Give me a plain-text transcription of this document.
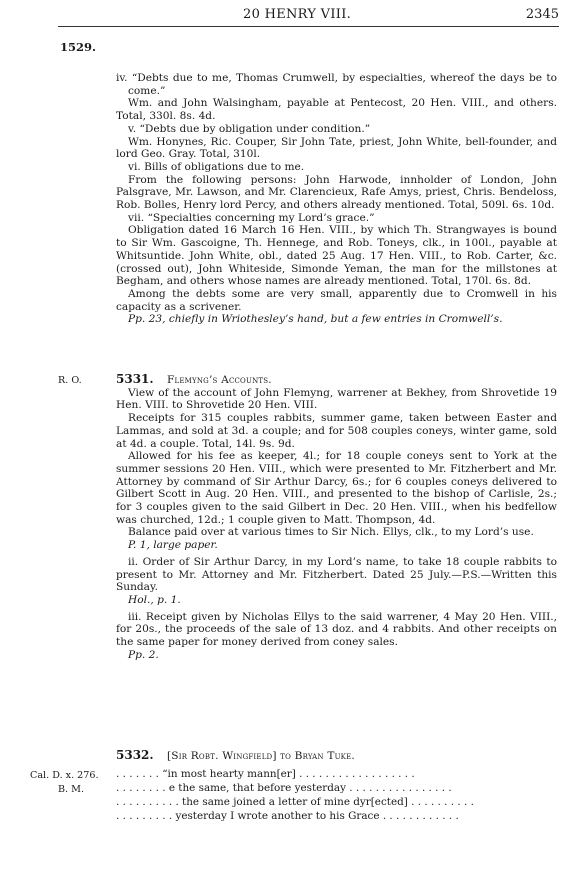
20 HENRY VIII.	2345
1529.
iv. “Debts due to me, Thomas Crumwell, by especialties, whereof the days be to come.”
Wm. and John Walsingham, payable at Pentecost, 20 Hen. VIII., and others. Total, 330l. 8s. 4d.
v. “Debts due by obligation under condition.”
Wm. Honynes, Ric. Couper, Sir John Tate, priest, John White, bell-founder, and lord Geo. Gray. Total, 310l.
vi. Bills of obligations due to me.
From the following persons: John Harwode, innholder of London, John Palsgrave, Mr. Lawson, and Mr. Clarencieux, Rafe Amys, priest, Chris. Bendeloss, Rob. Bolles, Henry lord Percy, and others already mentioned. Total, 509l. 6s. 10d.
vii. “Specialties concerning my Lord’s grace.”
Obligation dated 16 March 16 Hen. VIII., by which Th. Strangwayes is bound to Sir Wm. Gascoigne, Th. Hennege, and Rob. Toneys, clk., in 100l., payable at Whitsuntide. John White, obl., dated 25 Aug. 17 Hen. VIII., to Rob. Carter, &c. (crossed out), John Whiteside, Simonde Yeman, the man for the millstones at Begham, and others whose names are already mentioned. Total, 170l. 6s. 8d.
Among the debts some are very small, apparently due to Cromwell in his capacity as a scrivener.
Pp. 23, chiefly in Wriothesley’s hand, but a few entries in Cromwell’s.
R. O.	5331. Flemyng’s Accounts.
View of the account of John Flemyng, warrener at Bekhey, from Shrovetide 19 Hen. VIII. to Shrovetide 20 Hen. VIII.
Receipts for 315 couples rabbits, summer game, taken between Easter and Lammas, and sold at 3d. a couple; and for 508 couples coneys, winter game, sold at 4d. a couple. Total, 14l. 9s. 9d.
Allowed for his fee as keeper, 4l.; for 18 couple coneys sent to York at the summer sessions 20 Hen. VIII., which were presented to Mr. Fitzherbert and Mr. Attorney by command of Sir Arthur Darcy, 6s.; for 6 couples coneys delivered to Gilbert Scott in Aug. 20 Hen. VIII., and presented to the bishop of Carlisle, 2s.; for 3 couples given to the said Gilbert in Dec. 20 Hen. VIII., when his bedfellow was churched, 12d.; 1 couple given to Matt. Thompson, 4d.
Balance paid over at various times to Sir Nich. Ellys, clk., to my Lord’s use.
P. 1, large paper.
ii. Order of Sir Arthur Darcy, in my Lord’s name, to take 18 couple rabbits to present to Mr. Attorney and Mr. Fitzherbert. Dated 25 July.—P.S.—Written this Sunday.
Hol., p. 1.
iii. Receipt given by Nicholas Ellys to the said warrener, 4 May 20 Hen. VIII., for 20s., the proceeds of the sale of 13 doz. and 4 rabbits. And other receipts on the same paper for money derived from coney sales.
Pp. 2.
Cal. D. x. 276.
B. M.
5332. [Sir Robt. Wingfield] to Bryan Tuke.
. . . . . . . “in most hearty mann[er] . . . . . . . . . . . . . . . . . .
. . . . . . . . e the same, that before yesterday . . . . . . . . . . . . . . . .
. . . . . . . . . . the same joined a letter of mine dyr[ected] . . . . . . . . . .
. . . . . . . . . yesterday I wrote another to his Grace . . . . . . . . . . . .
